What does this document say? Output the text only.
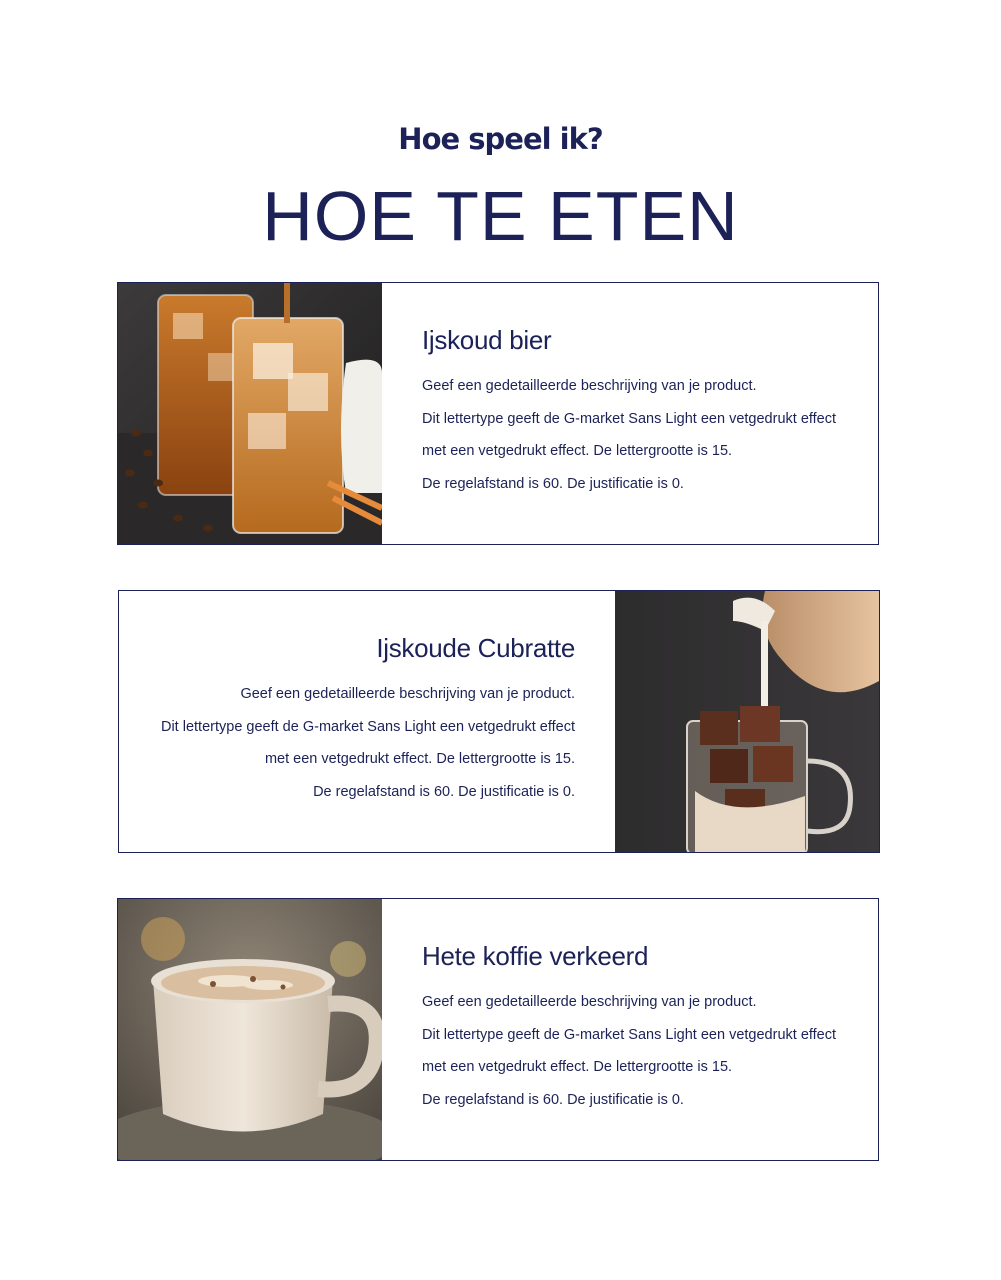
Hoe speel ik?
HOE TE ETEN
Ijskoud bier

Geef een gedetailleerde beschrijving van je product.

Dit lettertype geeft de G-market Sans Light een vetgedrukt effect

met een vetgedrukt effect. De lettergrootte is 15.

De regelafstand is 60. De justificatie is 0.

Ijskoude Cubratte

Geef een gedetailleerde beschrijving van je product.

Dit lettertype geeft de G-market Sans Light een vetgedrukt effect

met een vetgedrukt effect. De lettergrootte is 15.

De regelafstand is 60. De justificatie is 0.

Hete koffie verkeerd

Geef een gedetailleerde beschrijving van je product.

Dit lettertype geeft de G-market Sans Light een vetgedrukt effect

met een vetgedrukt effect. De lettergrootte is 15.

De regelafstand is 60. De justificatie is 0.
